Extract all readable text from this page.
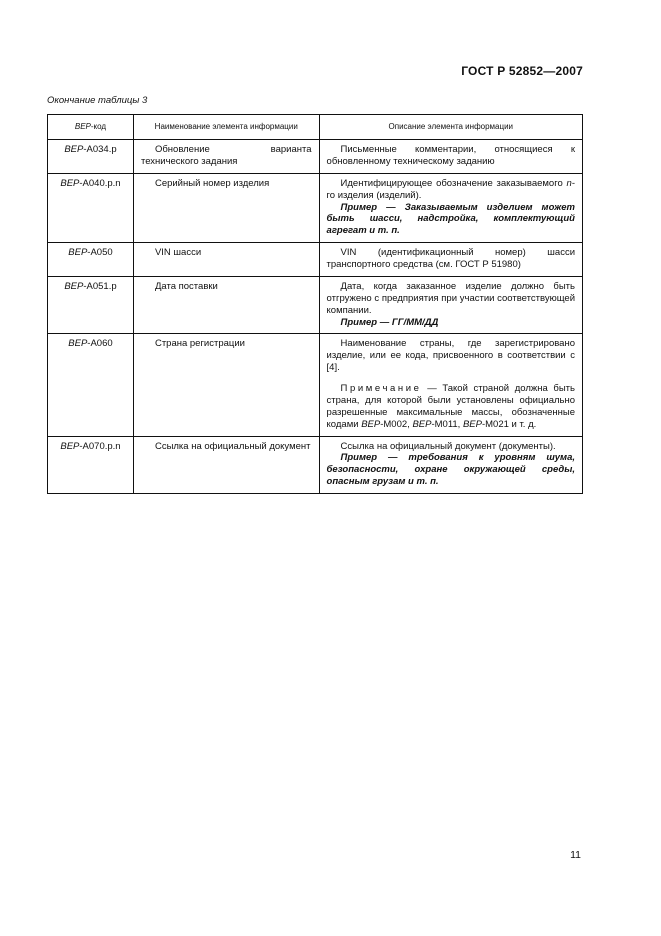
ГОСТ Р 52852—2007
Окончание таблицы 3
ВЕР-код	Наименование элемента информации	Описание элемента информации
ВЕР-А034.р	Обновление варианта технического задания	Письменные комментарии, относящиеся к обновленному техническому заданию

ВЕР-А040.р.n	Серийный номер изделия	Идентифицирующее обозначение заказываемого n-го изделия (изделий).

Пример — Заказываемым изделием может быть шасси, надстройка, комплектующий агрегат и т. п.

ВЕР-А050	VIN шасси	VIN (идентификационный номер) шасси транспортного средства (см. ГОСТ Р 51980)

ВЕР-А051.р	Дата поставки	Дата, когда заказанное изделие должно быть отгружено с предприятия при участии соответствующей компании.

Пример — ГГ/ММ/ДД

ВЕР-А060	Страна регистрации	Наименование страны, где зарегистрировано изделие, или ее кода, присвоенного в соответствии с [4].

Примечание — Такой страной должна быть страна, для которой были установлены официально разрешенные максимальные массы, обозначенные кодами ВЕР-М002, ВЕР-М011, ВЕР-М021 и т. д.

ВЕР-А070.р.n	Ссылка на официальный документ	Ссылка на официальный документ (документы).

Пример — требования к уровням шума, безопасности, охране окружающей среды, опасным грузам и т. п.

11
